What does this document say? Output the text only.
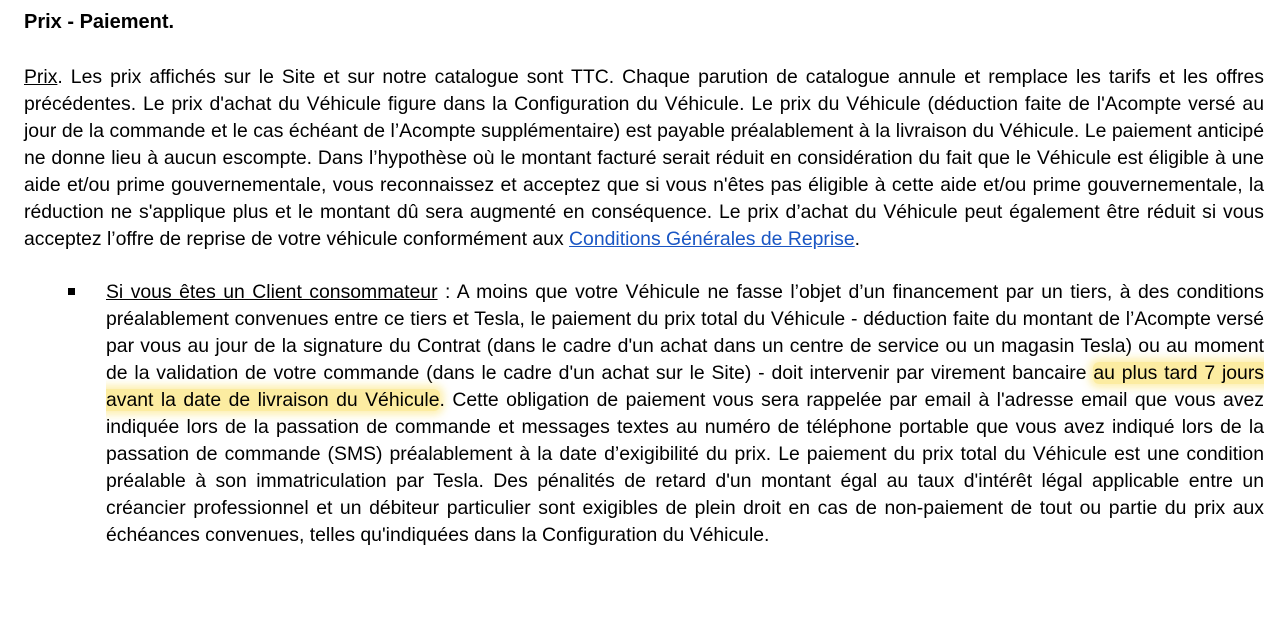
Prix - Paiement.

Prix. Les prix affichés sur le Site et sur notre catalogue sont TTC. Chaque parution de catalogue annule et remplace les tarifs et les offres précédentes. Le prix d'achat du Véhicule figure dans la Configuration du Véhicule. Le prix du Véhicule (déduction faite de l'Acompte versé au jour de la commande et le cas échéant de l’Acompte supplémentaire) est payable préalablement à la livraison du Véhicule. Le paiement anticipé ne donne lieu à aucun escompte. Dans l’hypothèse où le montant facturé serait réduit en considération du fait que le Véhicule est éligible à une aide et/ou prime gouvernementale, vous reconnaissez et acceptez que si vous n'êtes pas éligible à cette aide et/ou prime gouvernementale, la réduction ne s'applique plus et le montant dû sera augmenté en conséquence. Le prix d’achat du Véhicule peut également être réduit si vous acceptez l’offre de reprise de votre véhicule conformément aux Conditions Générales de Reprise.

Si vous êtes un Client consommateur : A moins que votre Véhicule ne fasse l’objet d’un financement par un tiers, à des conditions préalablement convenues entre ce tiers et Tesla, le paiement du prix total du Véhicule - déduction faite du montant de l’Acompte versé par vous au jour de la signature du Contrat (dans le cadre d'un achat dans un centre de service ou un magasin Tesla) ou au moment de la validation de votre commande (dans le cadre d'un achat sur le Site) - doit intervenir par virement bancaire au plus tard 7 jours avant la date de livraison du Véhicule. Cette obligation de paiement vous sera rappelée par email à l'adresse email que vous avez indiquée lors de la passation de commande et messages textes au numéro de téléphone portable que vous avez indiqué lors de la passation de commande (SMS) préalablement à la date d’exigibilité du prix. Le paiement du prix total du Véhicule est une condition préalable à son immatriculation par Tesla. Des pénalités de retard d'un montant égal au taux d'intérêt légal applicable entre un créancier professionnel et un débiteur particulier sont exigibles de plein droit en cas de non-paiement de tout ou partie du prix aux échéances convenues, telles qu'indiquées dans la Configuration du Véhicule.
